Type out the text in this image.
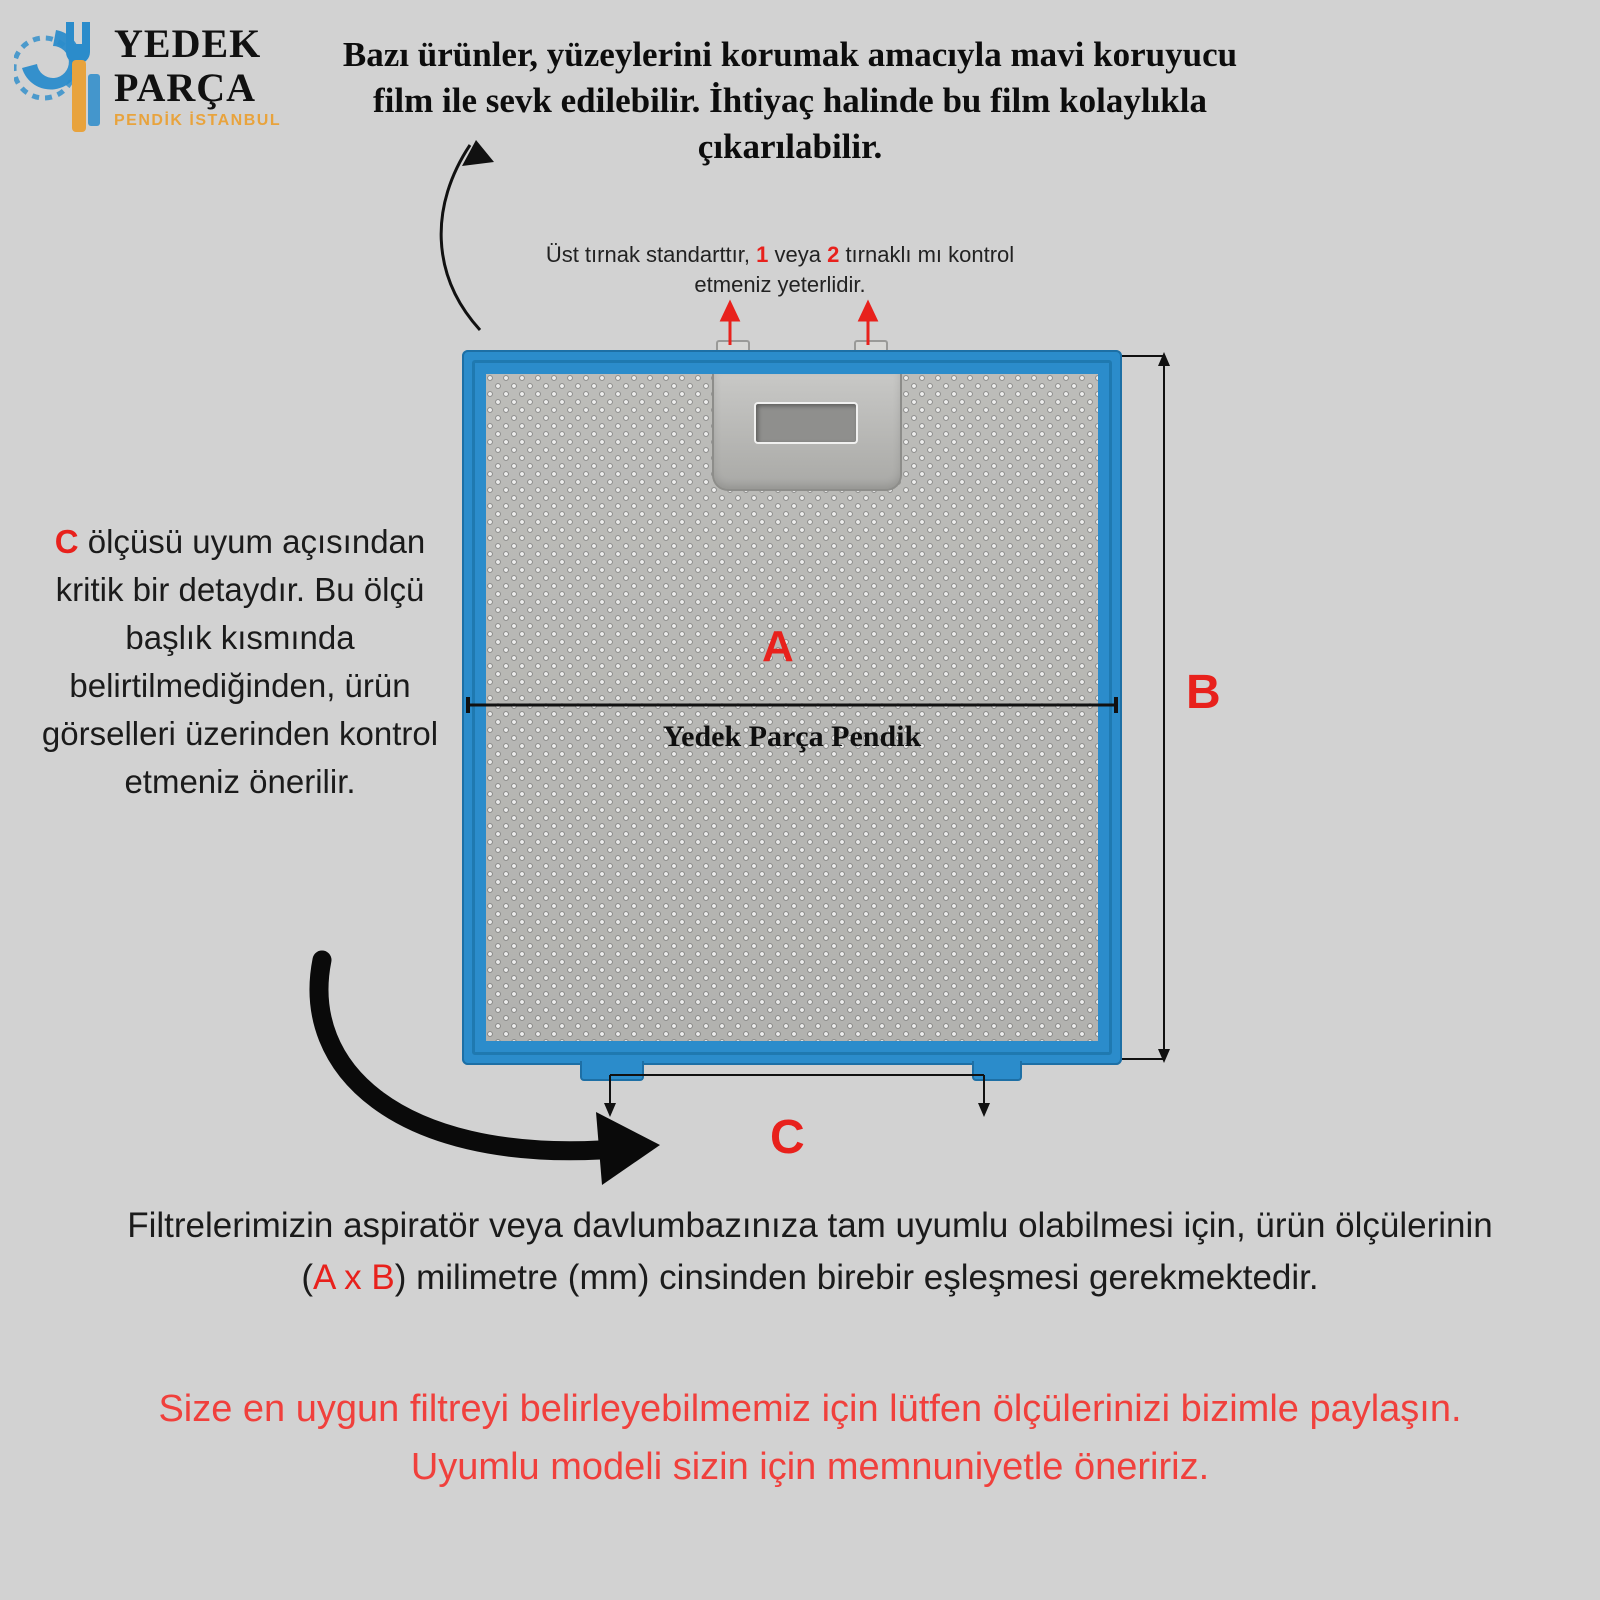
YEDEK
PARÇA
PENDİK İSTANBUL
Bazı ürünler, yüzeylerini korumak amacıyla mavi koruyucu film ile sevk edilebilir. İhtiyaç halinde bu film kolaylıkla çıkarılabilir.
Üst tırnak standarttır, 1 veya 2 tırnaklı mı kontrol etmeniz yeterlidir.
C ölçüsü uyum açısından kritik bir detaydır. Bu ölçü başlık kısmında belirtilmediğinden, ürün görselleri üzerinden kontrol etmeniz önerilir.
A
Yedek Parça Pendik
B
C
Filtrelerimizin aspiratör veya davlumbazınıza tam uyumlu olabilmesi için, ürün ölçülerinin (A x B) milimetre (mm) cinsinden birebir eşleşmesi gerekmektedir.
Size en uygun filtreyi belirleyebilmemiz için lütfen ölçülerinizi bizimle paylaşın. Uyumlu modeli sizin için memnuniyetle öneririz.
